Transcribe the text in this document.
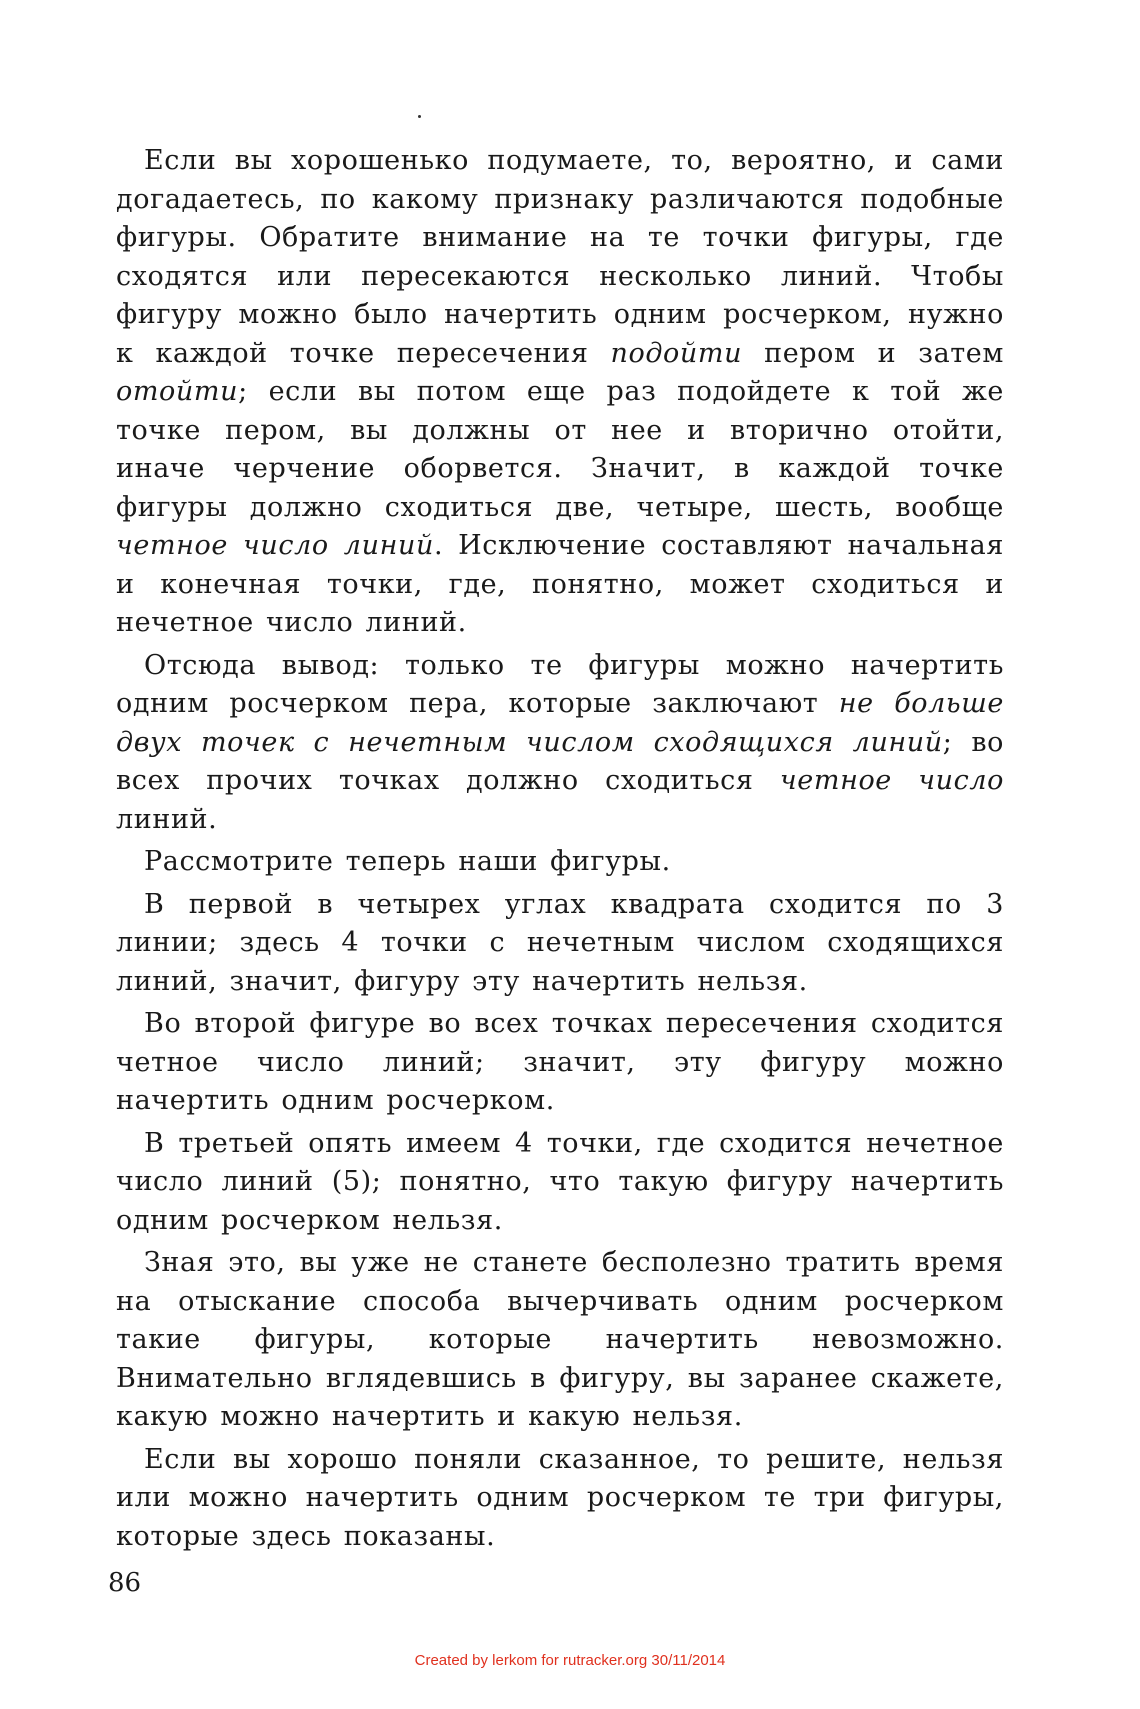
Если вы хорошенько подумаете, то, вероятно, и сами догадаетесь, по какому признаку различаются подобные фигуры. Обратите внимание на те точки фигуры, где сходятся или пересекаются несколько линий. Чтобы фигуру можно было начертить одним росчерком, нужно к каждой точке пересечения подойти пером и затем отойти; если вы потом еще раз подойдете к той же точке пером, вы должны от нее и вторично отойти, иначе черчение оборвется. Значит, в каждой точке фигуры должно сходиться две, четыре, шесть, вообще четное число линий. Исключение составляют начальная и конечная точки, где, понятно, может сходиться и нечетное число линий.

Отсюда вывод: только те фигуры можно начертить одним росчерком пера, которые заключают не больше двух точек с нечетным числом сходящихся линий; во всех прочих точках должно сходиться четное число линий.

Рассмотрите теперь наши фигуры.

В первой в четырех углах квадрата сходится по 3 линии; здесь 4 точки с нечетным числом сходящихся линий, значит, фигуру эту начертить нельзя.

Во второй фигуре во всех точках пересечения сходится четное число линий; значит, эту фигуру можно начертить одним росчерком.

В третьей опять имеем 4 точки, где сходится нечетное число линий (5); понятно, что такую фигуру начертить одним росчерком нельзя.

Зная это, вы уже не станете бесполезно тратить время на отыскание способа вычерчивать одним росчерком такие фигуры, которые начертить невозможно. Внимательно вглядевшись в фигуру, вы заранее скажете, какую можно начертить и какую нельзя.

Если вы хорошо поняли сказанное, то решите, нельзя или можно начертить одним росчерком те три фигуры, которые здесь показаны.

86
Created by lerkom for rutracker.org 30/11/2014
